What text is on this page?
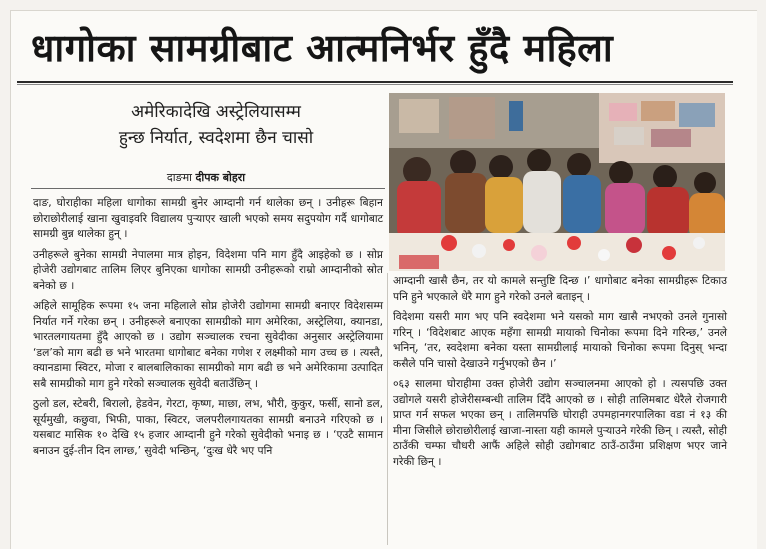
धागोका सामग्रीबाट आत्मनिर्भर हुँदै महिला
अमेरिकादेखि अस्ट्रेलियासम्म
हुन्छ निर्यात, स्वदेशमा छैन चासो
दाङमा दीपक बोहरा

दाङ, घोराहीका महिला धागोका सामग्री बुनेर आम्दानी गर्न थालेका छन् । उनीहरू बिहान छोराछोरीलाई खाना खुवाइवरि विद्यालय पुऱ्याएर खाली भएको समय सदुपयोग गर्दै धागोबाट सामग्री बुन्न थालेका हुन् ।

उनीहरूले बुनेका सामग्री नेपालमा मात्र होइन, विदेशमा पनि माग हुँदै आइहेको छ । सोप्न होजेरी उद्योगबाट तालिम लिएर बुनिएका धागोका सामग्री उनीहरूको राम्रो आम्दानीको स्रोत बनेको छ ।

अहिले सामूहिक रूपमा १५ जना महिलाले सोप्न होजेरी उद्योगमा सामग्री बनाएर विदेशसम्म निर्यात गर्ने गरेका छन् । उनीहरूले बनाएका सामग्रीको माग अमेरिका, अस्ट्रेलिया, क्यानडा, भारतलगायतमा हुँदै आएको छ । उद्योग सञ्चालक रचना सुवेदीका अनुसार अस्ट्रेलियामा ‘डल’को माग बढी छ भने भारतमा धागोबाट बनेका गणेश र लक्ष्मीको माग उच्च छ । त्यस्तै, क्यानडामा स्विटर, मोजा र बालबालिकाका सामग्रीको माग बढी छ भने अमेरिकामा उत्पादित सबै सामग्रीको माग हुने गरेको सञ्चालक सुवेदी बताउँछिन् ।

ठुलो डल, स्टेबरी, बिरालो, हेडवेन, गेरटा, कृष्ण, माछा, लभ, भौरी, कुकुर, फर्सी, सानो डल, सूर्यमुखी, कछुवा, भिफी, पाका, स्विटर, जलपरीलगायतका सामग्री बनाउने गरिएको छ । यसबाट मासिक १० देखि १५ हजार आम्दानी हुने गरेको सुवेदीको भनाइ छ । ‘एउटै सामान बनाउन दुई-तीन दिन लाग्छ,’ सुवेदी भन्छिन्, ‘दुःख धेरै भए पनि

आम्दानी खासै छैन, तर यो कामले सन्तुष्टि दिन्छ ।’ धागोबाट बनेका सामग्रीहरू टिकाउ पनि हुने भएकाले धेरै माग हुने गरेको उनले बताइन् ।

विदेशमा यसरी माग भए पनि स्वदेशमा भने यसको माग खासै नभएको उनले गुनासो गरिन् । ‘विदेशबाट आएक महँगा सामग्री मायाको चिनोका रूपमा दिने गरिन्छ,’ उनले भनिन्, ‘तर, स्वदेशमा बनेका यस्ता सामग्रीलाई मायाको चिनोका रूपमा दिनुस् भन्दा कसैले पनि चासो देखाउने गर्नुभएको छैन ।’

०६३ सालमा घोराहीमा उक्त होजेरी उद्योग सञ्चालनमा आएको हो । त्यसपछि उक्त उद्योगले यसरी होजेरीसम्बन्धी तालिम दिँदै आएको छ । सोही तालिमबाट धेरैले रोजगारी प्राप्त गर्न सफल भएका छन् । तालिमपछि घोराही उपमहानगरपालिका वडा नं १३ की मीना जिसीले छोराछोरीलाई खाजा-नास्ता यही कामले पुऱ्याउने गरेकी छिन् । त्यस्तै, सोही ठाउँकी चम्फा चौधरी आफैं अहिले सोही उद्योगबाट ठाउँ-ठाउँमा प्रशिक्षण भएर जाने गरेकी छिन् ।
